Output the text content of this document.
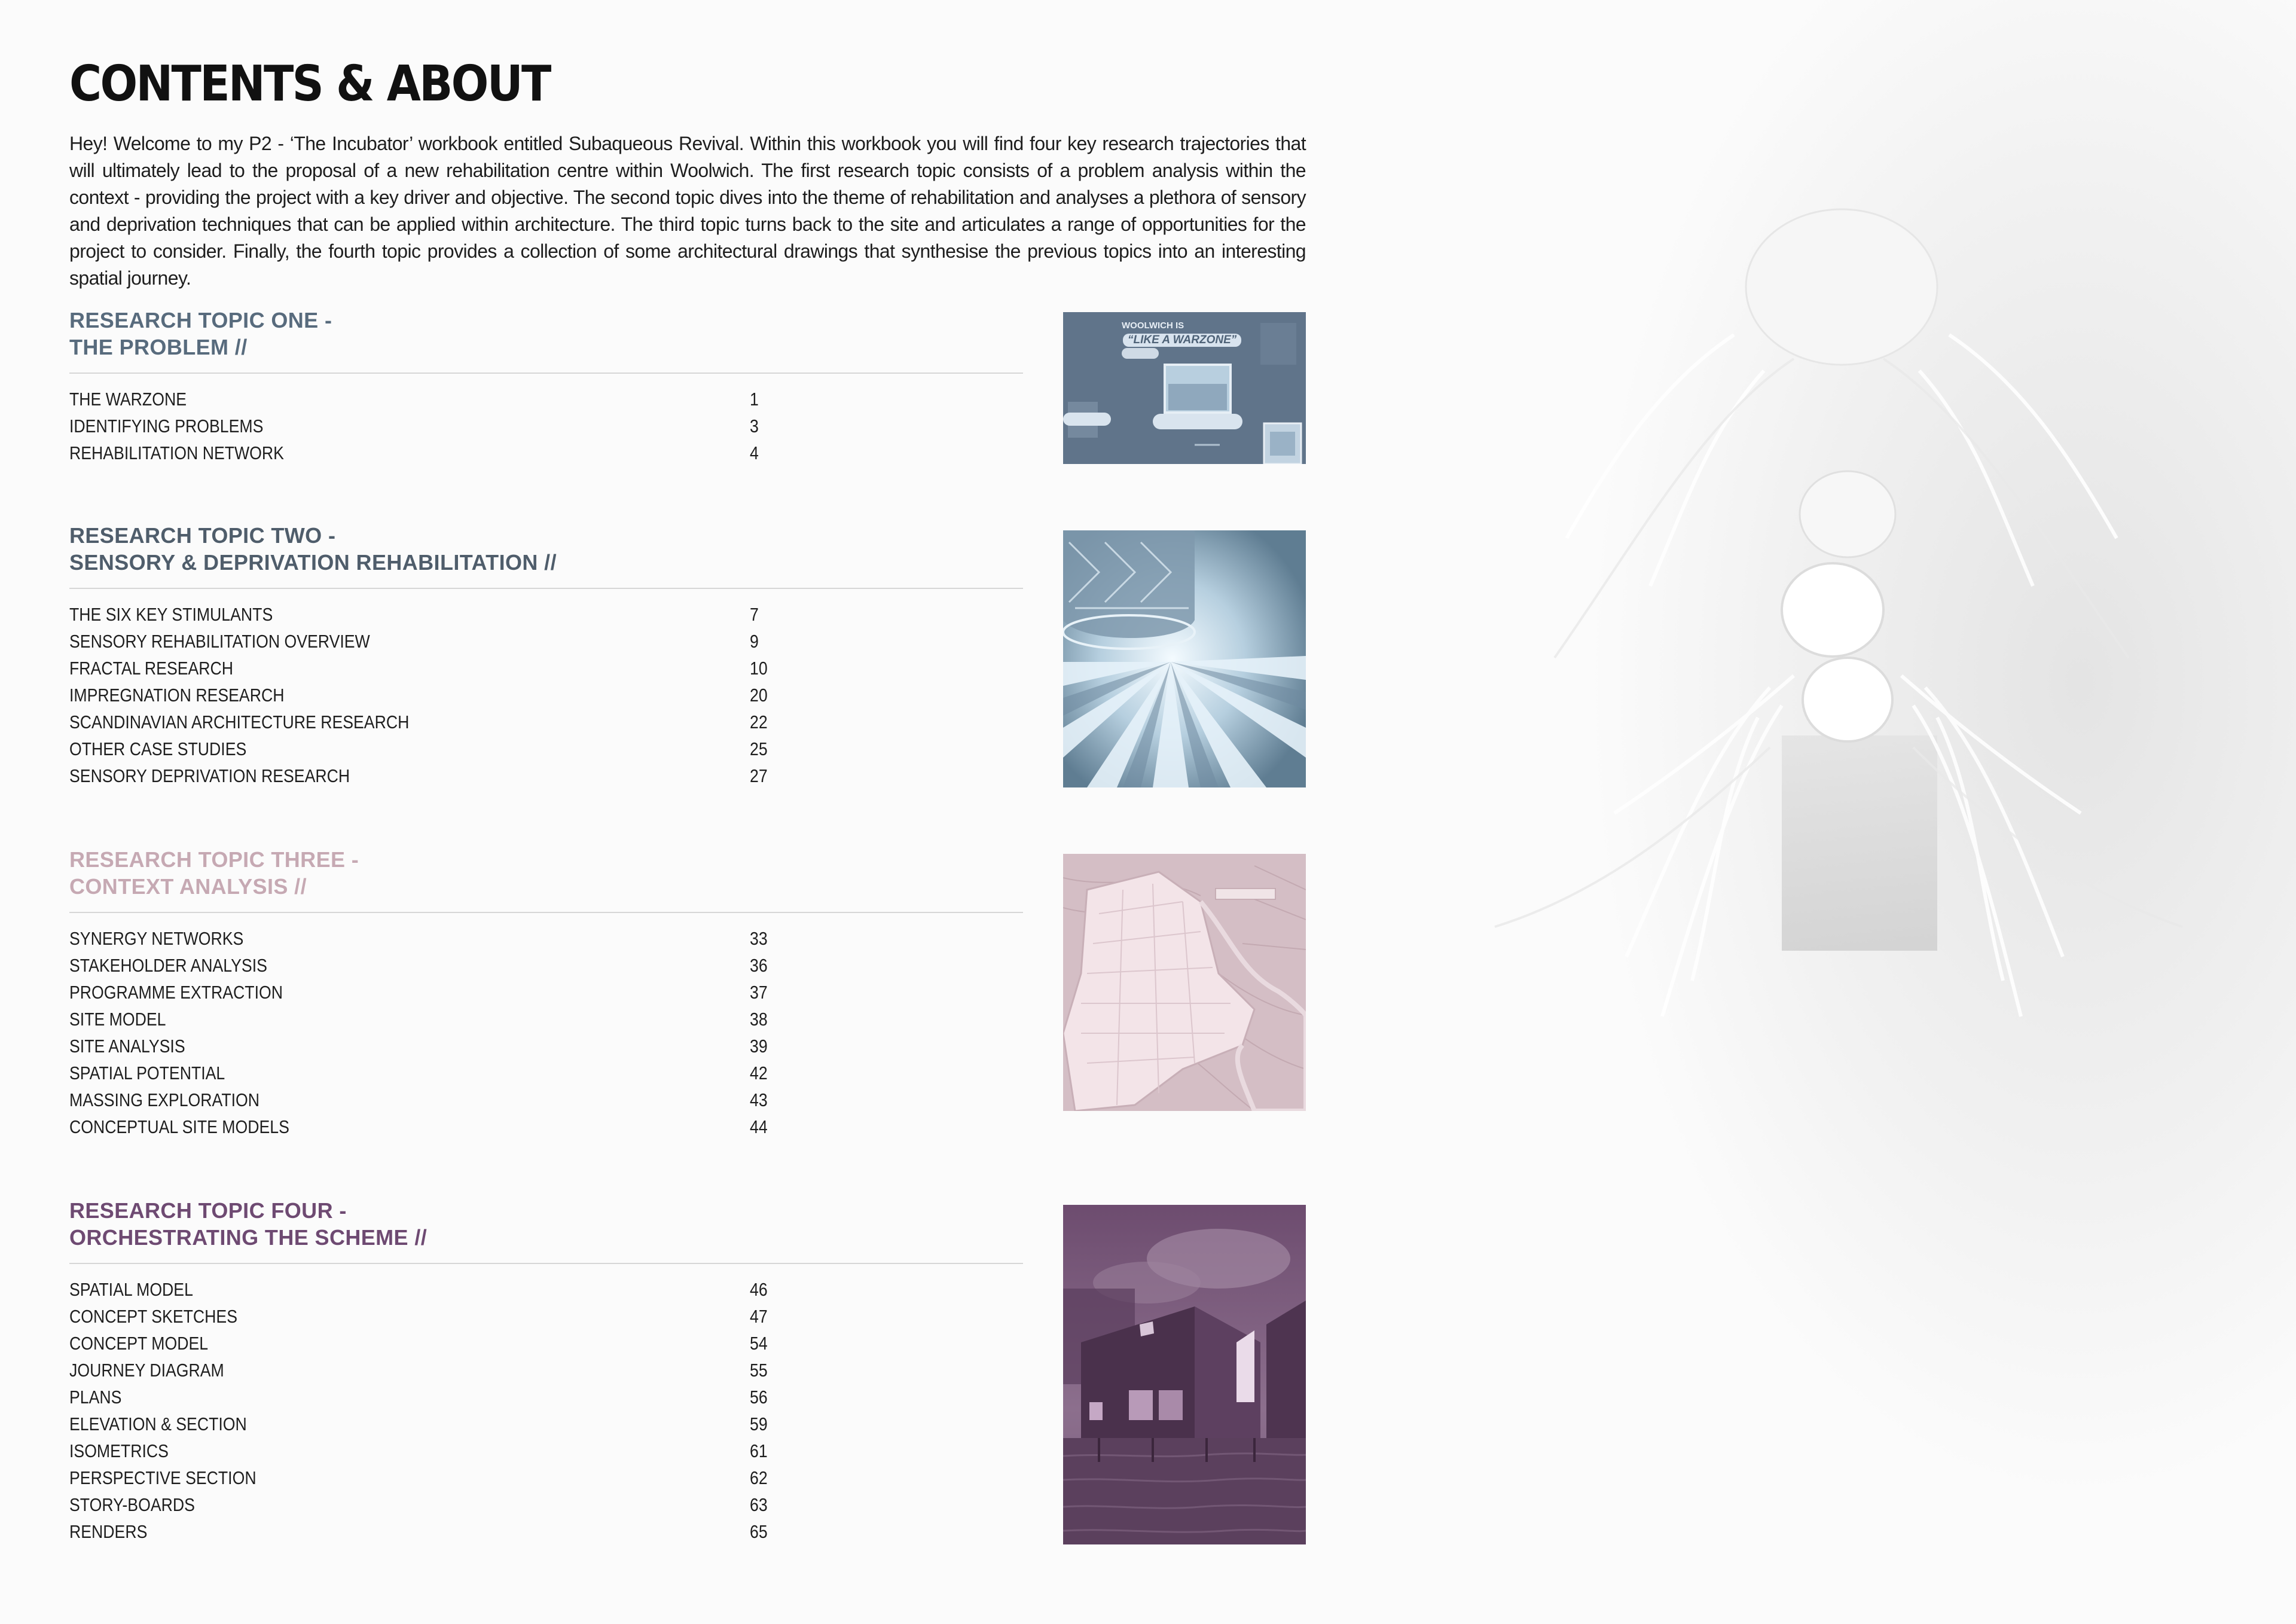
CONTENTS & ABOUT
Hey! Welcome to my P2 - ‘The Incubator’ workbook entitled Subaqueous Revival. Within this workbook you will find four key research trajectories that will ultimately lead to the proposal of a new rehabilitation centre within Woolwich. The first research topic consists of a problem analysis within the context - providing the project with a key driver and objective. The second topic dives into the theme of rehabilitation and analyses a plethora of sensory and deprivation techniques that can be applied within architecture. The third topic turns back to the site and articulates a range of opportunities for the project to consider. Finally, the fourth topic provides a collection of some architectural drawings that synthesise the previous topics into an interesting spatial journey.
RESEARCH TOPIC ONE -
THE PROBLEM //
THE WARZONE	1
IDENTIFYING PROBLEMS	3
REHABILITATION NETWORK	4
RESEARCH TOPIC TWO -
SENSORY & DEPRIVATION REHABILITATION //
THE SIX KEY STIMULANTS	7
SENSORY REHABILITATION OVERVIEW	9
FRACTAL RESEARCH	10
IMPREGNATION RESEARCH	20
SCANDINAVIAN ARCHITECTURE RESEARCH	22
OTHER CASE STUDIES	25
SENSORY DEPRIVATION RESEARCH	27
RESEARCH TOPIC THREE -
CONTEXT ANALYSIS //
SYNERGY NETWORKS	33
STAKEHOLDER ANALYSIS	36
PROGRAMME EXTRACTION	37
SITE MODEL	38
SITE ANALYSIS	39
SPATIAL POTENTIAL	42
MASSING EXPLORATION	43
CONCEPTUAL SITE MODELS	44
RESEARCH TOPIC FOUR -
ORCHESTRATING THE SCHEME //
SPATIAL MODEL	46
CONCEPT SKETCHES	47
CONCEPT MODEL	54
JOURNEY DIAGRAM	55
PLANS	56
ELEVATION & SECTION	59
ISOMETRICS	61
PERSPECTIVE SECTION	62
STORY-BOARDS	63
RENDERS	65
WOOLWICH IS
“LIKE A WARZONE”
